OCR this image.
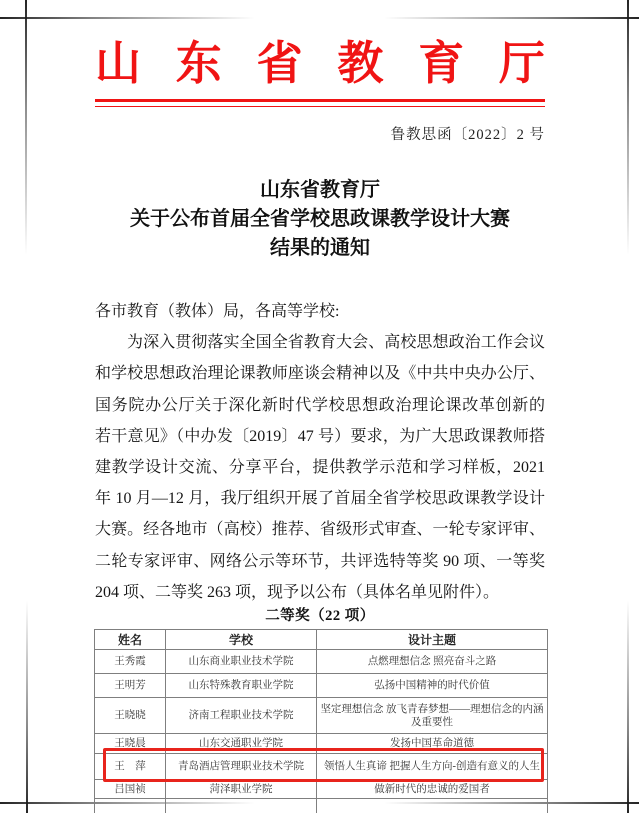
山东省教育厅
鲁教思函〔2022〕2 号
山东省教育厅
关于公布首届全省学校思政课教学设计大赛
结果的通知
各市教育（教体）局，各高等学校:
为深入贯彻落实全国全省教育大会、高校思想政治工作会议
和学校思想政治理论课教师座谈会精神以及《中共中央办公厅、
国务院办公厅关于深化新时代学校思想政治理论课改革创新的
若干意见》（中办发〔2019〕47 号）要求，为广大思政课教师搭
建教学设计交流、分享平台，提供教学示范和学习样板，2021
年 10 月—12 月，我厅组织开展了首届全省学校思政课教学设计
大赛。经各地市（高校）推荐、省级形式审查、一轮专家评审、
二轮专家评审、网络公示等环节，共评选特等奖 90 项、一等奖
204 项、二等奖 263 项，现予以公布（具体名单见附件）。
二等奖（22 项）
姓名	学校	设计主题
王秀霞	山东商业职业技术学院	点燃理想信念 照亮奋斗之路
王明芳	山东特殊教育职业学院	弘扬中国精神的时代价值
王晓晓	济南工程职业技术学院	坚定理想信念 放飞青春梦想——理想信念的内涵及重要性
王晓晨	山东交通职业学院	发扬中国革命道德
王　萍	青岛酒店管理职业技术学院	领悟人生真谛 把握人生方向-创造有意义的人生
吕国祯	菏泽职业学院	做新时代的忠诚的爱国者
